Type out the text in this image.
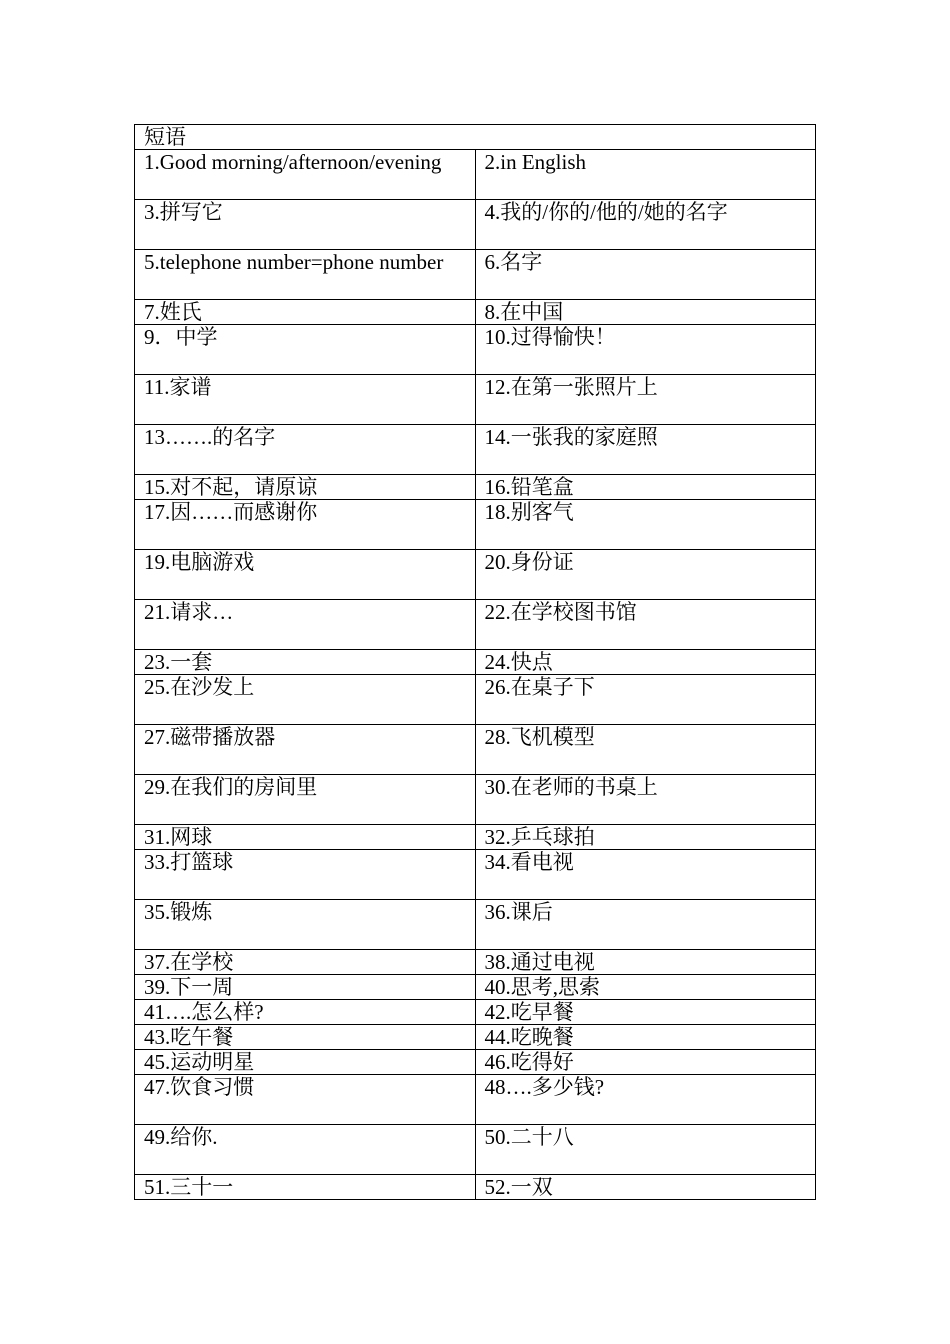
短语	
1.Good morning/afternoon/evening	2.in English
3.拼写它	4.我的/你的/他的/她的名字
5.telephone number=phone number	6.名字
7.姓氏	8.在中国
9．中学	10.过得愉快！
11.家谱	12.在第一张照片上
13…….的名字	14.一张我的家庭照
15.对不起，请原谅	16.铅笔盒
17.因……而感谢你	18.别客气
19.电脑游戏	20.身份证
21.请求…	22.在学校图书馆
23.一套	24.快点
25.在沙发上	26.在桌子下
27.磁带播放器	28.飞机模型
29.在我们的房间里	30.在老师的书桌上
31.网球	32.乒乓球拍
33.打篮球	34.看电视
35.锻炼	36.课后
37.在学校	38.通过电视
39.下一周	40.思考,思索
41….怎么样?	42.吃早餐
43.吃午餐	44.吃晚餐
45.运动明星	46.吃得好
47.饮食习惯	48….多少钱?
49.给你.	50.二十八
51.三十一	52.一双
